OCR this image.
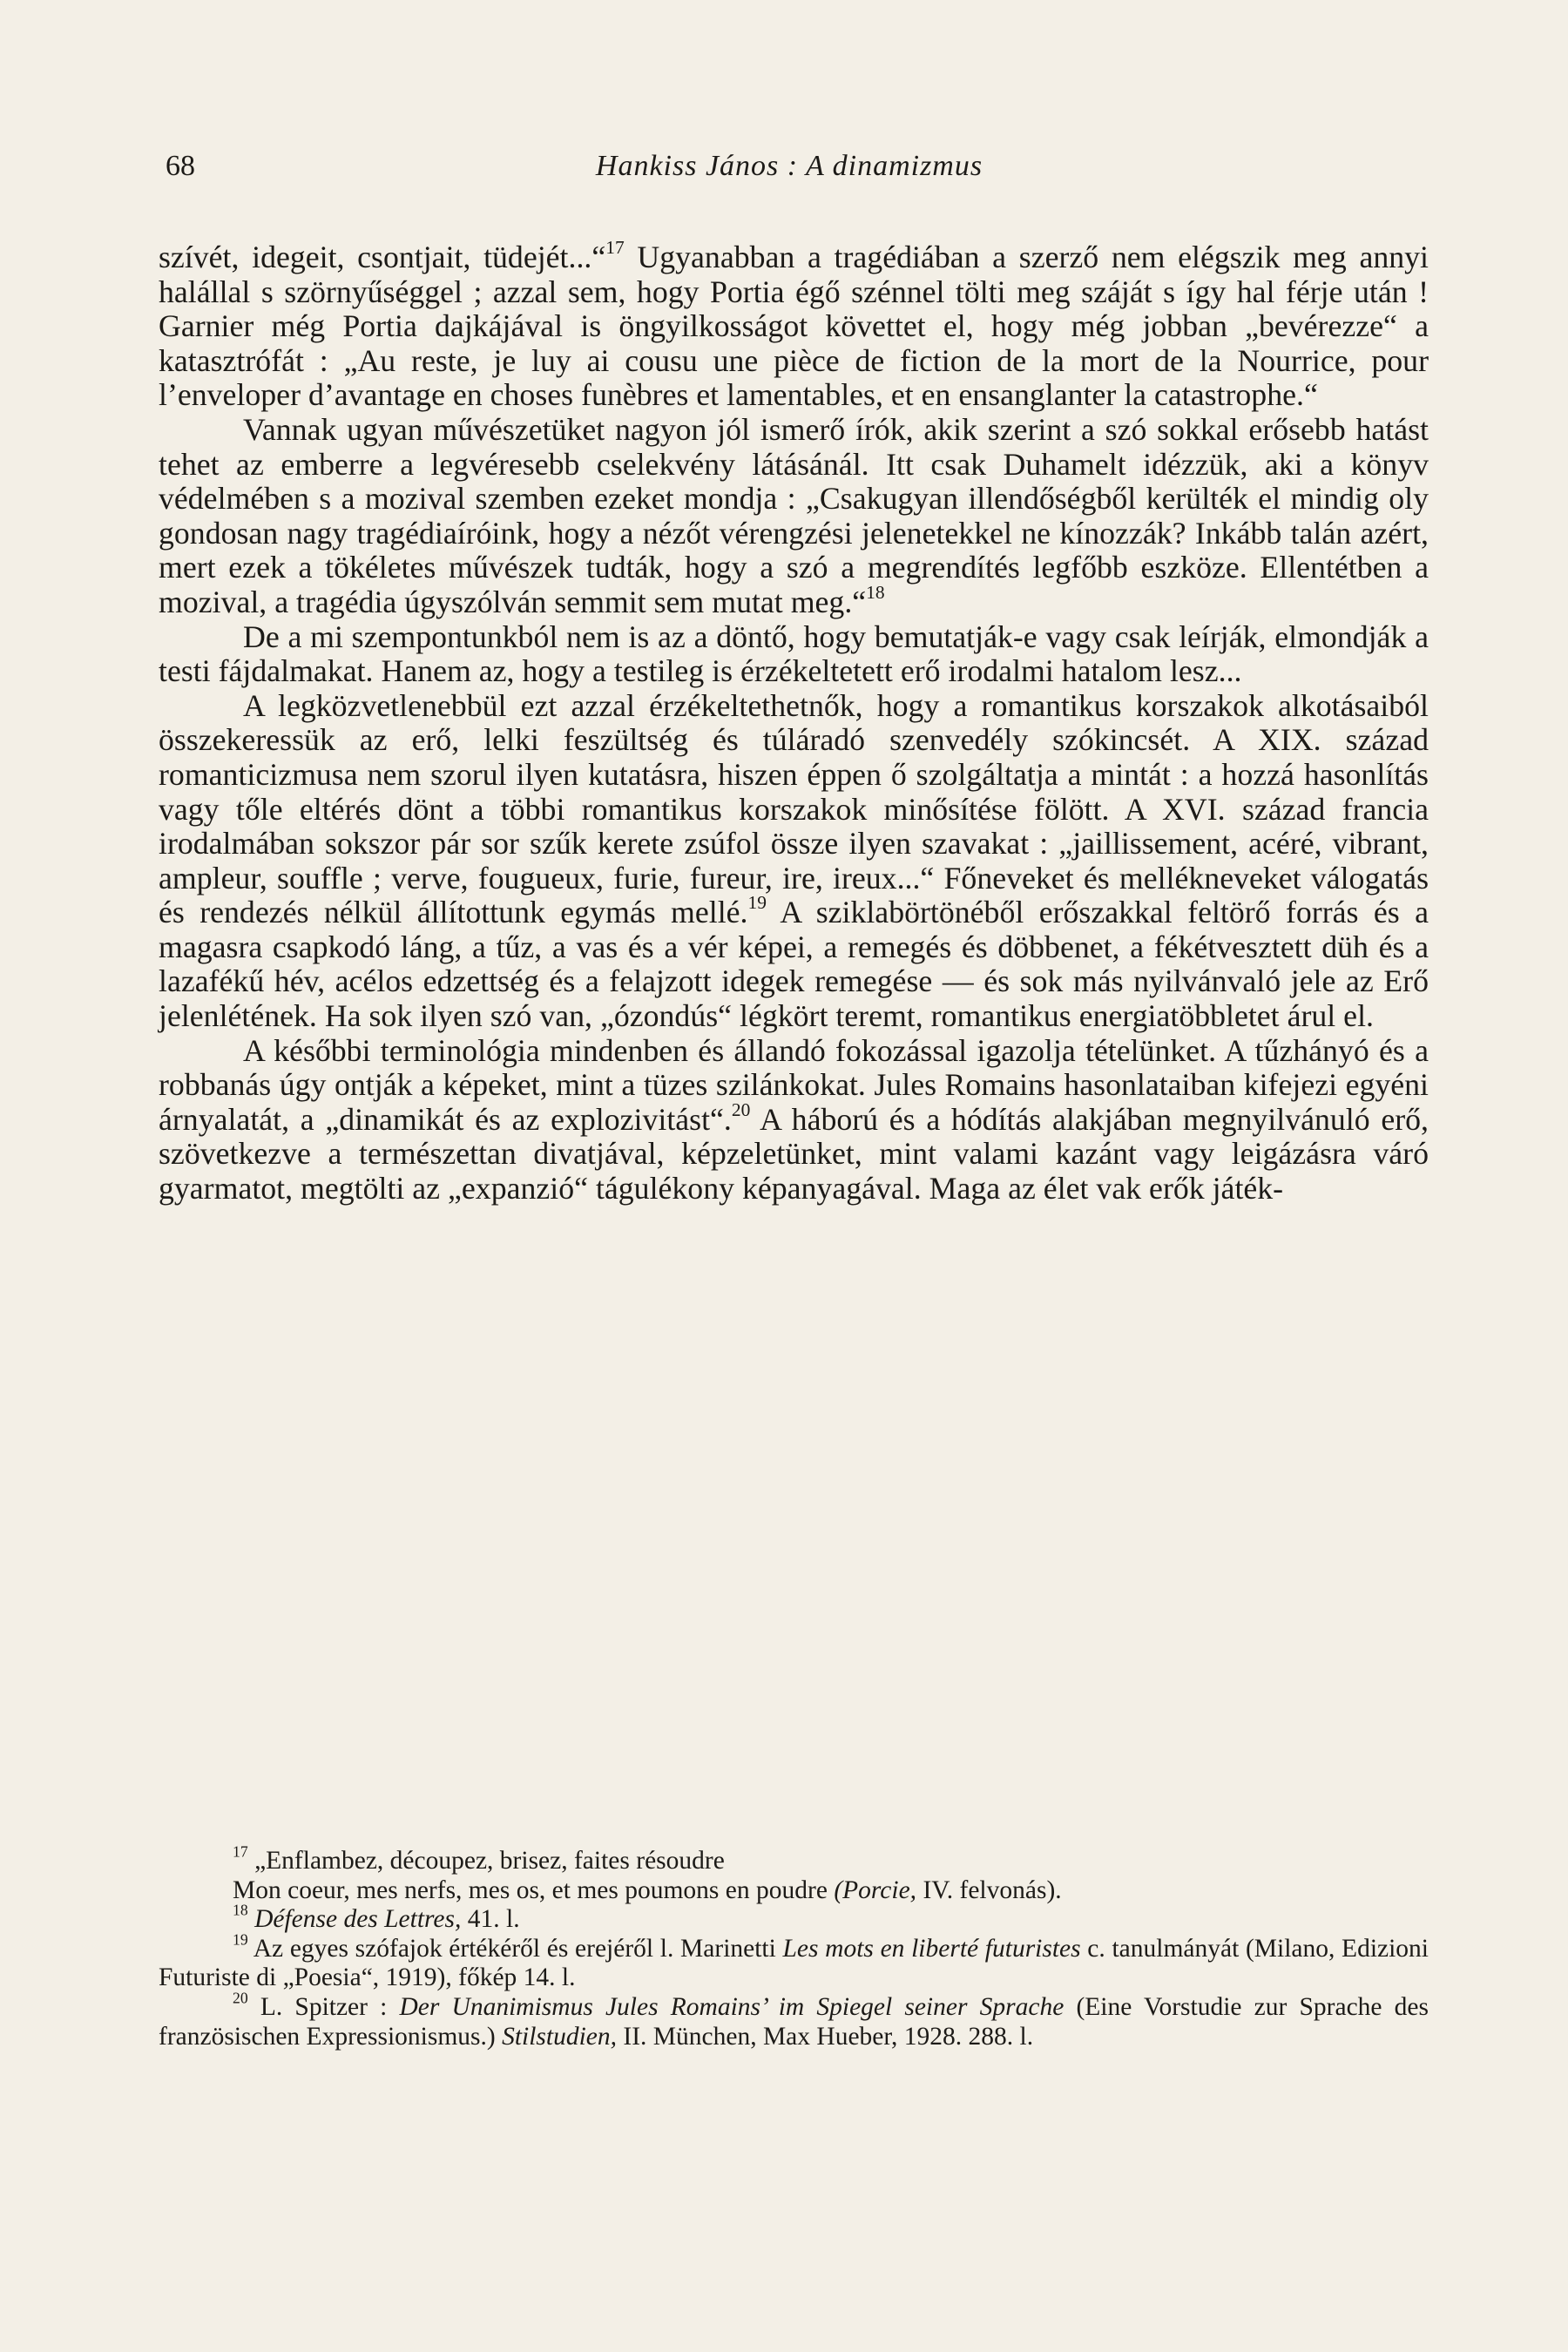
68	Hankiss János : A dinamizmus

szívét, idegeit, csontjait, tüdejét...“$^{17}$ Ugyanabban a tragédiában a szerző nem elégszik meg annyi halállal s szörnyűséggel ; azzal sem, hogy Portia égő szénnel tölti meg száját s így hal férje után ! Garnier még Portia dajkájával is öngyilkosságot követtet el, hogy még jobban „bevérezze“ a katasztrófát : „Au reste, je luy ai cousu une pièce de fiction de la mort de la Nourrice, pour l’enveloper d’avantage en choses funèbres et lamentables, et en ensanglanter la catastrophe.“

Vannak ugyan művészetüket nagyon jól ismerő írók, akik szerint a szó sokkal erősebb hatást tehet az emberre a legvéresebb cselekvény látásánál. Itt csak Duhamelt idézzük, aki a könyv védelmében s a mozival szemben ezeket mondja : „Csakugyan illendőségből kerülték el mindig oly gondosan nagy tragédiaíróink, hogy a nézőt vérengzési jelenetekkel ne kínozzák? Inkább talán azért, mert ezek a tökéletes művészek tudták, hogy a szó a megrendítés legfőbb eszköze. Ellentétben a mozival, a tragédia úgyszólván semmit sem mutat meg.“$^{18}$

De a mi szempontunkból nem is az a döntő, hogy bemutatják-e vagy csak leírják, elmondják a testi fájdalmakat. Hanem az, hogy a testileg is érzékeltetett erő irodalmi hatalom lesz...

A legközvetlenebbül ezt azzal érzékeltethetnők, hogy a romantikus korszakok alkotásaiból összekeressük az erő, lelki feszültség és túláradó szenvedély szókincsét. A XIX. század romanticizmusa nem szorul ilyen kutatásra, hiszen éppen ő szolgáltatja a mintát : a hozzá hasonlítás vagy tőle eltérés dönt a többi romantikus korszakok minősítése fölött. A XVI. század francia irodalmában sokszor pár sor szűk kerete zsúfol össze ilyen szavakat : „jaillissement, acéré, vibrant, ampleur, souffle ; verve, fougueux, furie, fureur, ire, ireux...“ Főneveket és mellékneveket válogatás és rendezés nélkül állítottunk egymás mellé.$^{19}$ A sziklabörtönéből erőszakkal feltörő forrás és a magasra csapkodó láng, a tűz, a vas és a vér képei, a remegés és döbbenet, a fékétvesztett düh és a lazafékű hév, acélos edzettség és a felajzott idegek remegése — és sok más nyilvánvaló jele az Erő jelenlétének. Ha sok ilyen szó van, „ózondús“ légkört teremt, romantikus energiatöbbletet árul el.

A későbbi terminológia mindenben és állandó fokozással igazolja tételünket. A tűzhányó és a robbanás úgy ontják a képeket, mint a tüzes szilánkokat. Jules Romains hasonlataiban kifejezi egyéni árnyalatát, a „dinamikát és az explozivitást“.$^{20}$ A háború és a hódítás alakjában megnyilvánuló erő, szövetkezve a természettan divatjával, képzeletünket, mint valami kazánt vagy leigázásra váró gyarmatot, megtölti az „expanzió“ tágulékony képanyagával. Maga az élet vak erők játék-

$^{17}$ „Enflambez, découpez, brisez, faites résoudre

Mon coeur, mes nerfs, mes os, et mes poumons en poudre (Porcie, IV. felvonás).

$^{18}$ Défense des Lettres, 41. l.

$^{19}$ Az egyes szófajok értékéről és erejéről l. Marinetti Les mots en liberté futuristes c. tanulmányát (Milano, Edizioni Futuriste di „Poesia“, 1919), főkép 14. l.

$^{20}$ L. Spitzer : Der Unanimismus Jules Romains’ im Spiegel seiner Sprache (Eine Vorstudie zur Sprache des französischen Expressionismus.) Stilstudien, II. München, Max Hueber, 1928. 288. l.
